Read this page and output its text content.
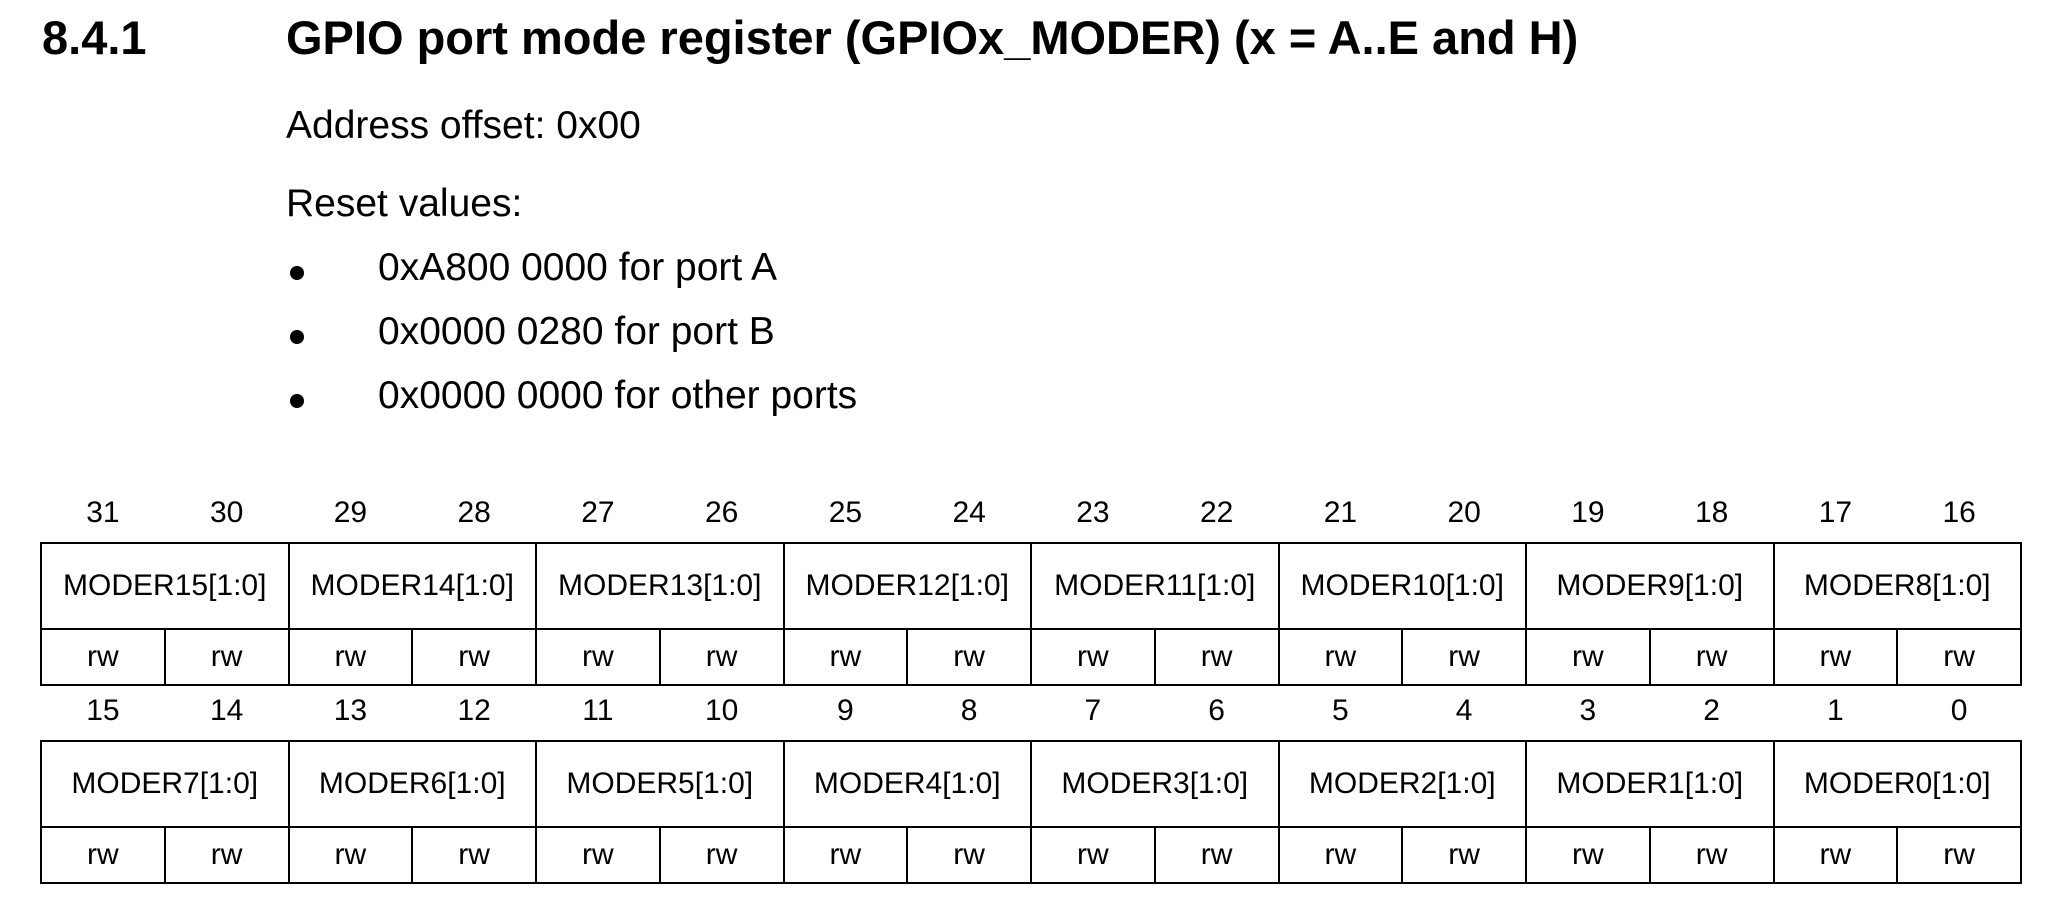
8.4.1	GPIO port mode register (GPIOx_MODER) (x = A..E and H)
Address offset: 0x00
Reset values:
0xA800 0000 for port A
0x0000 0280 for port B
0x0000 0000 for other ports
31	30	29	28	27	26	25	24	23	22	21	20	19	18	17	16
MODER15[1:0]		MODER14[1:0]		MODER13[1:0]		MODER12[1:0]		MODER11[1:0]		MODER10[1:0]		MODER9[1:0]		MODER8[1:0]	
rw	rw	rw	rw	rw	rw	rw	rw	rw	rw	rw	rw	rw	rw	rw	rw
15	14	13	12	11	10	9	8	7	6	5	4	3	2	1	0
MODER7[1:0]		MODER6[1:0]		MODER5[1:0]		MODER4[1:0]		MODER3[1:0]		MODER2[1:0]		MODER1[1:0]		MODER0[1:0]	
rw	rw	rw	rw	rw	rw	rw	rw	rw	rw	rw	rw	rw	rw	rw	rw
